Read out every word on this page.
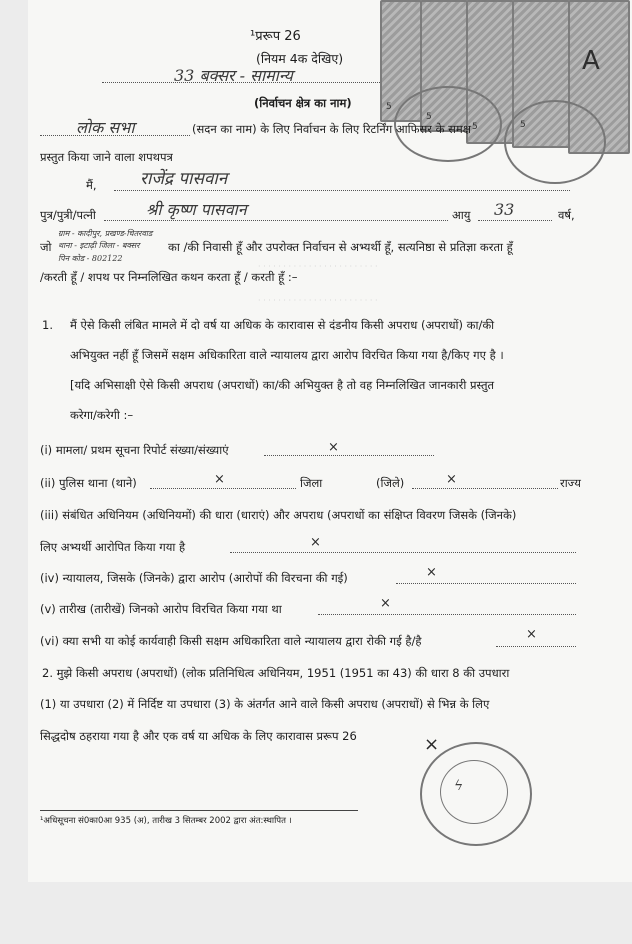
· · · · · · · · · · · · · · · · · · · · · · · ·
· · · · · · · · · · · · · · · · · · · · · · · ·
5
5
5	5
A
¹प्ररूप 26
(नियम 4क देखिए)
33 बक्सर - सामान्य
(निर्वाचन क्षेत्र का नाम)
लोक सभा	(सदन का नाम) के लिए निर्वाचन के लिए रिटर्निंग आफिसर के समक्ष
प्रस्तुत किया जाने वाला शपथपत्र
मैं,	राजेंद्र पासवान
पुत्र/पुत्री/पत्नी	श्री कृष्ण पासवान	आयु 33	वर्ष,
ग्राम - कादीपुर, प्रखण्ड-चितरवाड
जो थाना - इटाढ़ी जिला - बक्सर का /की निवासी हूँ और उपरोक्त निर्वाचन से अभ्यर्थी हूँ, सत्यनिष्ठा से प्रतिज्ञा करता हूँ
पिन कोड - 802122
/करती हूँ / शपथ पर निम्नलिखित कथन करता हूँ / करती हूँ :–
1. मैं ऐसे किसी लंबित मामले में दो वर्ष या अधिक के कारावास से दंडनीय किसी अपराध (अपराधों) का/की
अभियुक्त नहीं हूँ जिसमें सक्षम अधिकारिता वाले न्यायालय द्वारा आरोप विरचित किया गया है/किए गए है ।
[यदि अभिसाक्षी ऐसे किसी अपराध (अपराधों) का/की अभियुक्त है तो वह निम्नलिखित जानकारी प्रस्तुत
करेगा/करेगी :–
(i) मामला/ प्रथम सूचना रिपोर्ट संख्या/संख्याएं	×
(ii) पुलिस थाना (थाने)	×	जिला	(जिले)	×	राज्य
(iii) संबंधित अधिनियम (अधिनियमों) की धारा (धाराएं) और अपराध (अपराधों का संक्षिप्त विवरण जिसके (जिनके)
लिए अभ्यर्थी आरोपित किया गया है	×
(iv) न्यायालय, जिसके (जिनके) द्वारा आरोप (आरोपों की विरचना की गई)	×
(v) तारीख (तारीखें) जिनको आरोप विरचित किया गया था	×
(vi) क्या सभी या कोई कार्यवाही किसी सक्षम अधिकारिता वाले न्यायालय द्वारा रोकी गई है/है	×
2. मुझे किसी अपराध (अपराधों) (लोक प्रतिनिधित्व अधिनियम, 1951 (1951 का 43) की धारा 8 की उपधारा
(1) या उपधारा (2) में निर्दिष्ट या उपधारा (3) के अंतर्गत आने वाले किसी अपराध (अपराधों) से भिन्न के लिए
सिद्धदोष ठहराया गया है और एक वर्ष या अधिक के लिए कारावास प्ररूप 26	×
ϟ
¹अधिसूचना सं0का0आ 935 (अ), तारीख 3 सितम्बर 2002 द्वारा अंत:स्थापित ।
